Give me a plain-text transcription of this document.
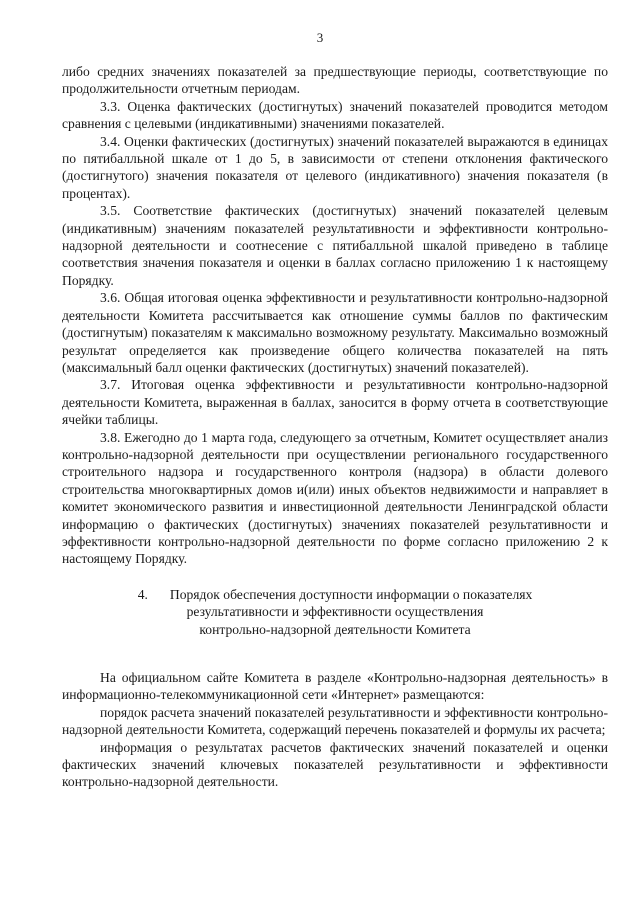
3

либо средних значениях показателей за предшествующие периоды, соответствующие по продолжительности отчетным периодам.

3.3. Оценка фактических (достигнутых) значений показателей проводится методом сравнения с целевыми (индикативными) значениями показателей.

3.4. Оценки фактических (достигнутых) значений показателей выражаются в единицах по пятибалльной шкале от 1 до 5, в зависимости от степени отклонения фактического (достигнутого) значения показателя от целевого (индикативного) значения показателя (в процентах).

3.5. Соответствие фактических (достигнутых) значений показателей целевым (индикативным) значениям показателей результативности и эффективности контрольно-надзорной деятельности и соотнесение с пятибалльной шкалой приведено в таблице соответствия значения показателя и оценки в баллах согласно приложению 1 к настоящему Порядку.

3.6. Общая итоговая оценка эффективности и результативности контрольно-надзорной деятельности Комитета рассчитывается как отношение суммы баллов по фактическим (достигнутым) показателям к максимально возможному результату. Максимально возможный результат определяется как произведение общего количества показателей на пять (максимальный балл оценки фактических (достигнутых) значений показателей).

3.7. Итоговая оценка эффективности и результативности контрольно-надзорной деятельности Комитета, выраженная в баллах, заносится в форму отчета в соответствующие ячейки таблицы.

3.8. Ежегодно до 1 марта года, следующего за отчетным, Комитет осуществляет анализ контрольно-надзорной деятельности при осуществлении регионального государственного строительного надзора и государственного контроля (надзора) в области долевого строительства многоквартирных домов и(или) иных объектов недвижимости и направляет в комитет экономического развития и инвестиционной деятельности Ленинградской области информацию о фактических (достигнутых) значениях показателей результативности и эффективности контрольно-надзорной деятельности по форме согласно приложению 2 к настоящему Порядку.

4. Порядок обеспечения доступности информации о показателях
результативности и эффективности осуществления
контрольно-надзорной деятельности Комитета

На официальном сайте Комитета в разделе «Контрольно-надзорная деятельность» в информационно-телекоммуникационной сети «Интернет» размещаются:

порядок расчета значений показателей результативности и эффективности контрольно-надзорной деятельности Комитета, содержащий перечень показателей и формулы их расчета;

информация о результатах расчетов фактических значений показателей и оценки фактических значений ключевых показателей результативности и эффективности контрольно-надзорной деятельности.
